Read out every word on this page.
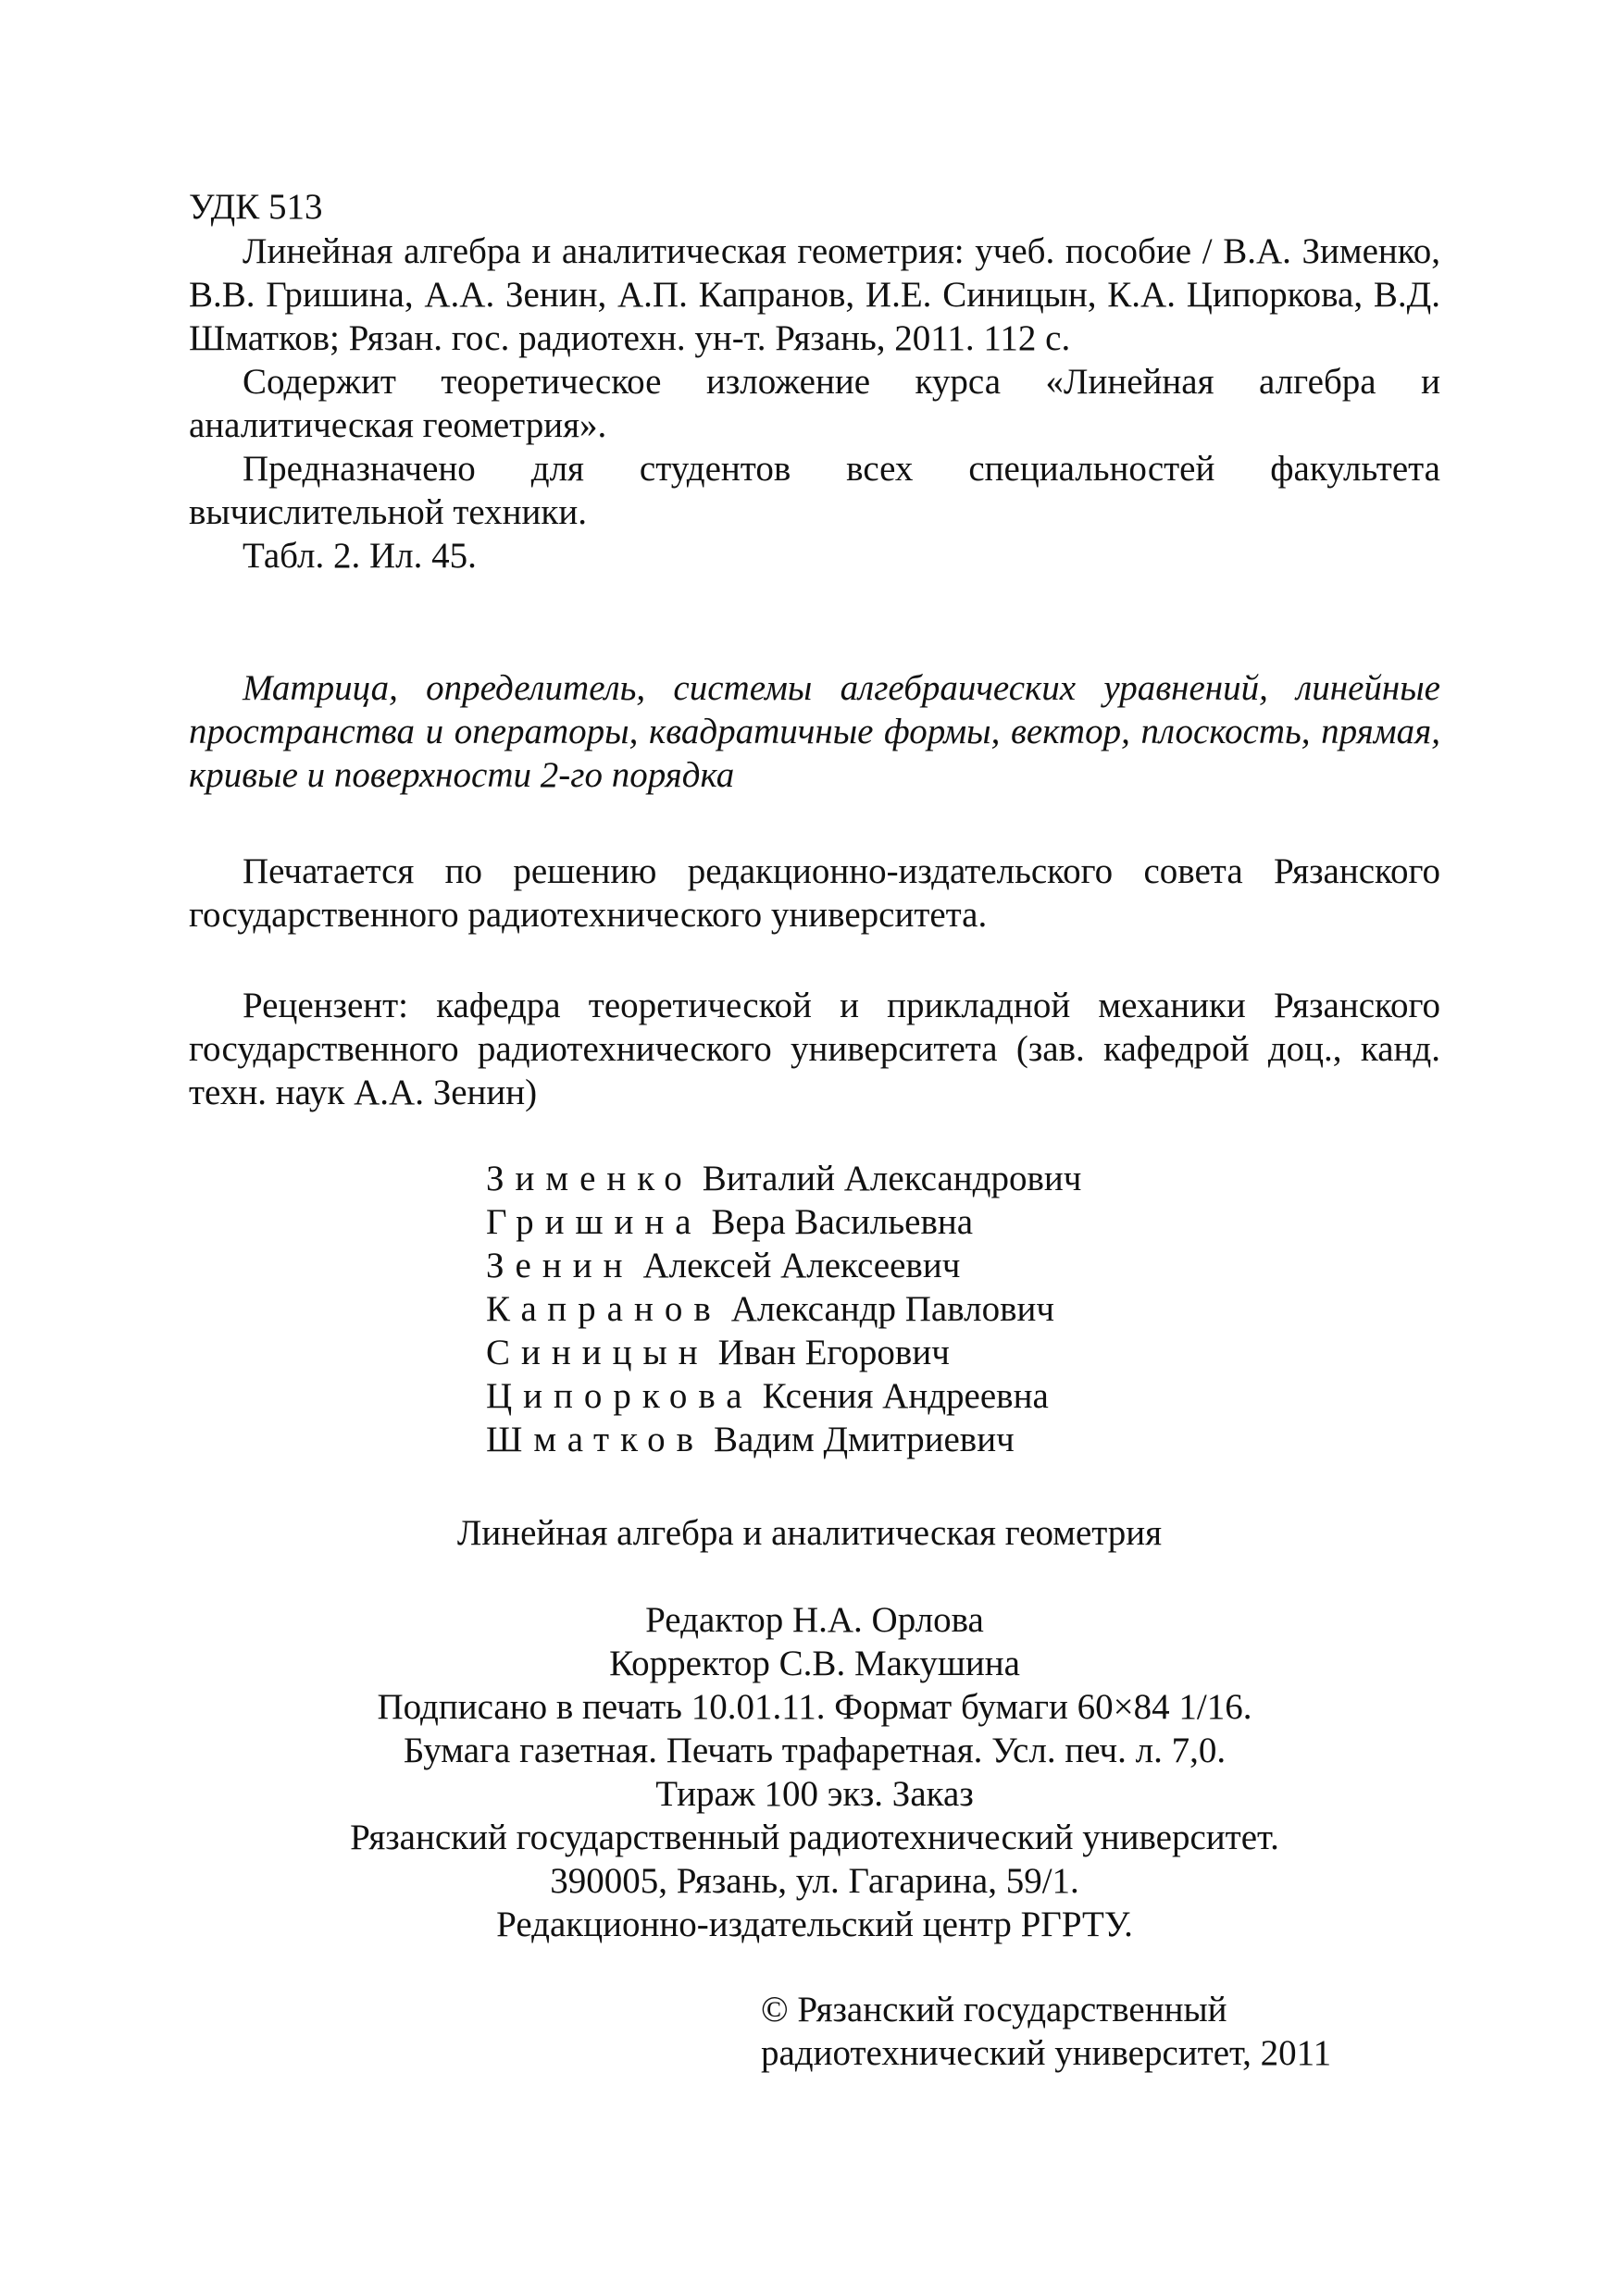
УДК 513

Линейная алгебра и аналитическая геометрия: учеб. пособие / В.А. Зименко, В.В. Гришина, А.А. Зенин, А.П. Капранов, И.Е. Синицын, К.А. Ципоркова, В.Д. Шматков; Рязан. гос. радиотехн. ун-т. Рязань, 2011. 112 с.

Содержит теоретическое изложение курса «Линейная алгебра и аналитическая геометрия».

Предназначено для студентов всех специальностей факультета вычислительной техники.

Табл. 2. Ил. 45.

Матрица, определитель, системы алгебраических уравнений, линейные пространства и операторы, квадратичные формы, вектор, плоскость, прямая, кривые и поверхности 2-го порядка

Печатается по решению редакционно-издательского совета Рязанского государственного радиотехнического университета.

Рецензент: кафедра теоретической и прикладной механики Рязанского государственного радиотехнического университета (зав. кафедрой доц., канд. техн. наук А.А. Зенин)

Зименко Виталий Александрович
Гришина Вера Васильевна
Зенин Алексей Алексеевич
Капранов Александр Павлович
Синицын Иван Егорович
Ципоркова Ксения Андреевна
Шматков Вадим Дмитриевич
Линейная алгебра и аналитическая геометрия
Редактор Н.А. Орлова
Корректор С.В. Макушина
Подписано в печать 10.01.11. Формат бумаги 60×84 1/16.
Бумага газетная. Печать трафаретная. Усл. печ. л. 7,0.
Тираж 100 экз. Заказ
Рязанский государственный радиотехнический университет.
390005, Рязань, ул. Гагарина, 59/1.
Редакционно-издательский центр РГРТУ.
© Рязанский государственный
радиотехнический университет, 2011
